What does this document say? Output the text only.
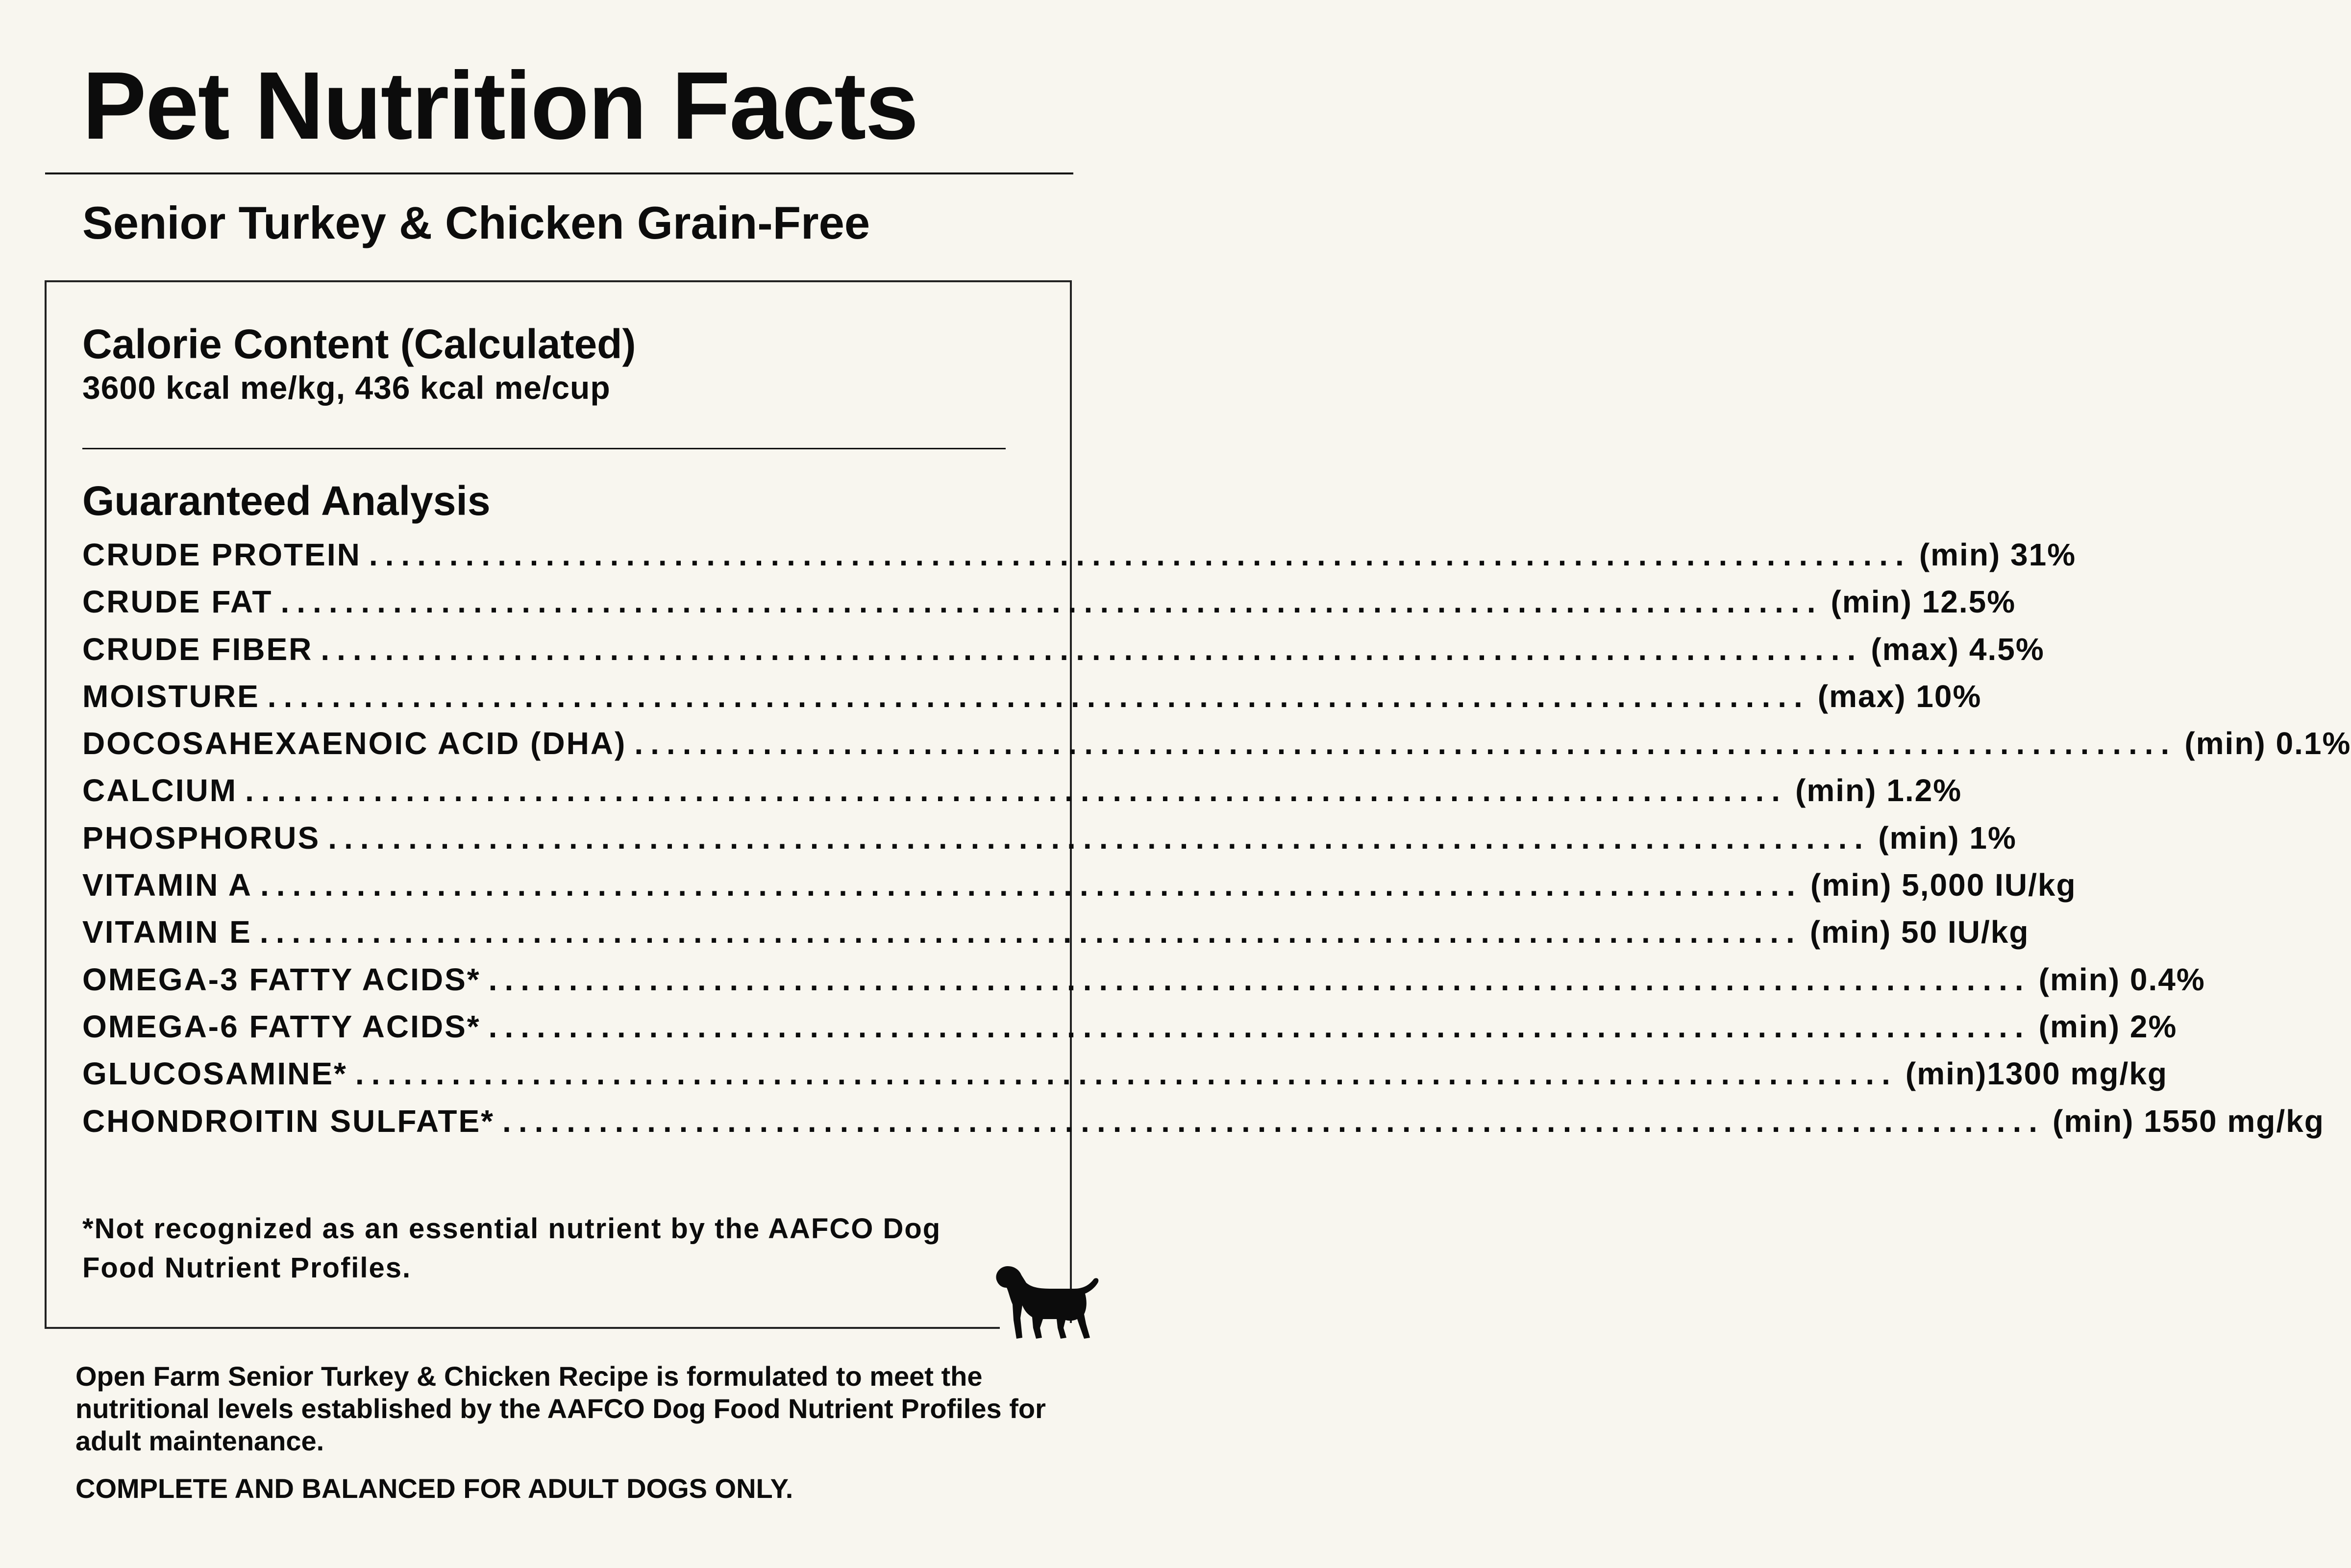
Pet Nutrition Facts
Senior Turkey & Chicken Grain-Free
Calorie Content (Calculated)
3600 kcal me/kg, 436 kcal me/cup
Guaranteed Analysis
CRUDE PROTEIN ................................................................................................ (min) 31%
CRUDE FAT ................................................................................................ (min) 12.5%
CRUDE FIBER ................................................................................................ (max) 4.5%
MOISTURE ................................................................................................ (max) 10%
DOCOSAHEXAENOIC ACID (DHA) ................................................................................................ (min) 0.1%
CALCIUM ................................................................................................ (min) 1.2%
PHOSPHORUS ................................................................................................ (min) 1%
VITAMIN A ................................................................................................ (min) 5,000 IU/kg
VITAMIN E ................................................................................................ (min) 50 IU/kg
OMEGA-3 FATTY ACIDS* ................................................................................................ (min) 0.4%
OMEGA-6 FATTY ACIDS* ................................................................................................ (min) 2%
GLUCOSAMINE* ................................................................................................ (min)1300 mg/kg
CHONDROITIN SULFATE* ................................................................................................ (min) 1550 mg/kg
*Not recognized as an essential nutrient by the AAFCO Dog Food Nutrient Profiles.
Open Farm Senior Turkey & Chicken Recipe is formulated to meet the nutritional levels established by the AAFCO Dog Food Nutrient Profiles for adult maintenance.
COMPLETE AND BALANCED FOR ADULT DOGS ONLY.
